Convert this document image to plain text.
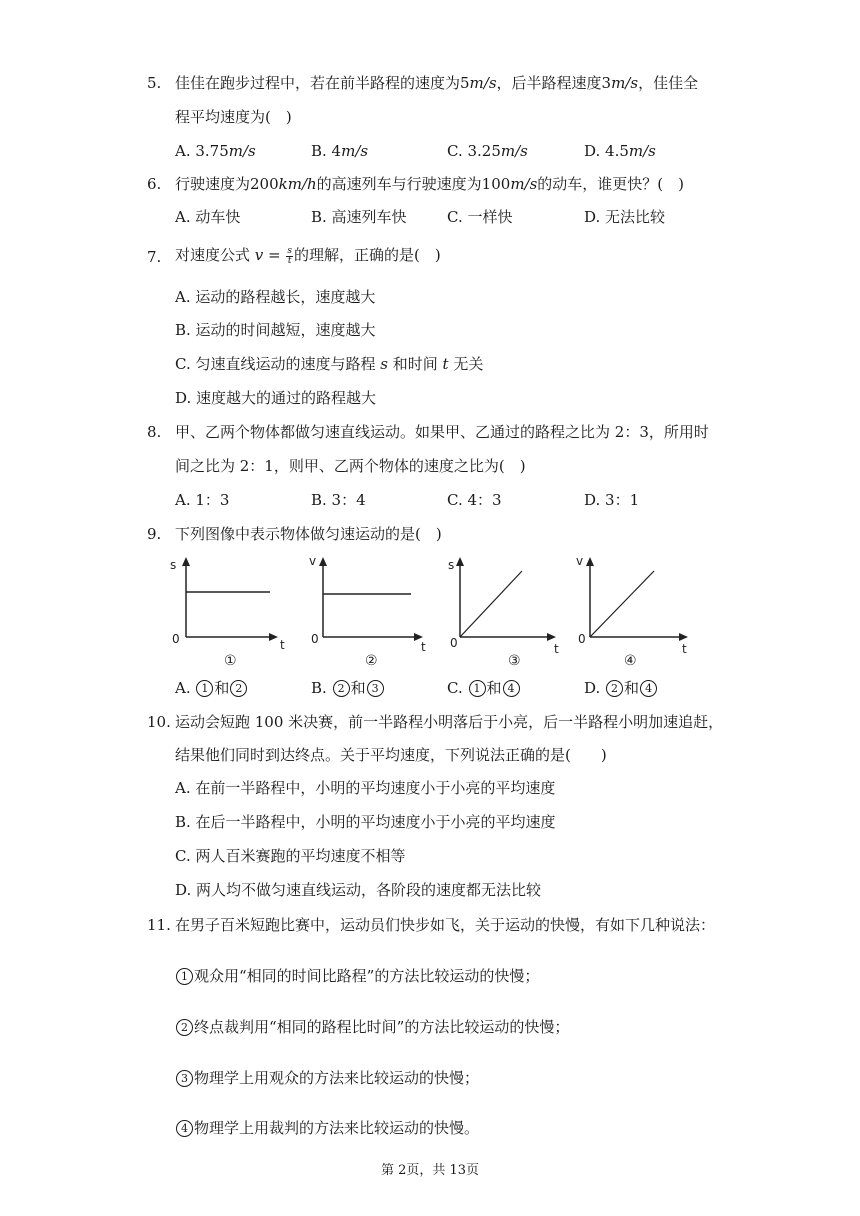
5. 佳佳在跑步过程中，若在前半路程的速度为5m/s，后半路程速度3m/s，佳佳全
程平均速度为(　)
A. 3.75m/s	B. 4m/s	C. 3.25m/s	D. 4.5m/s
6. 行驶速度为200km/h的高速列车与行驶速度为100m/s的动车，谁更快？(　)
A. 动车快	B. 高速列车快	C. 一样快	D. 无法比较
7. 对速度公式 $v = \frac{s}{t}$ 的理解，正确的是(　)
A. 运动的路程越长，速度越大
B. 运动的时间越短，速度越大
C. 匀速直线运动的速度与路程 s 和时间 t 无关
D. 速度越大的通过的路程越大
8. 甲、乙两个物体都做匀速直线运动。如果甲、乙通过的路程之比为 2：3，所用时
间之比为 2：1，则甲、乙两个物体的速度之比为(　)
A. 1：3	B. 3：4	C. 4：3	D. 3：1
9. 下列图像中表示物体做匀速运动的是(　)
s
0	t
①
v
0
t
②
s
0	t
③
v
0
t
④
A. 1 和 2	B. 2 和 3	C. 1 和 4	D. 2 和 4
10. 运动会短跑 100 米决赛，前一半路程小明落后于小亮，后一半路程小明加速追赶，
结果他们同时到达终点。关于平均速度，下列说法正确的是(　　)
A. 在前一半路程中，小明的平均速度小于小亮的平均速度
B. 在后一半路程中，小明的平均速度小于小亮的平均速度
C. 两人百米赛跑的平均速度不相等
D. 两人均不做匀速直线运动，各阶段的速度都无法比较
11. 在男子百米短跑比赛中，运动员们快步如飞，关于运动的快慢，有如下几种说法：
1 观众用“相同的时间比路程”的方法比较运动的快慢；
2 终点裁判用“相同的路程比时间”的方法比较运动的快慢；
3 物理学上用观众的方法来比较运动的快慢；
4 物理学上用裁判的方法来比较运动的快慢。
第 2页，共 13页
